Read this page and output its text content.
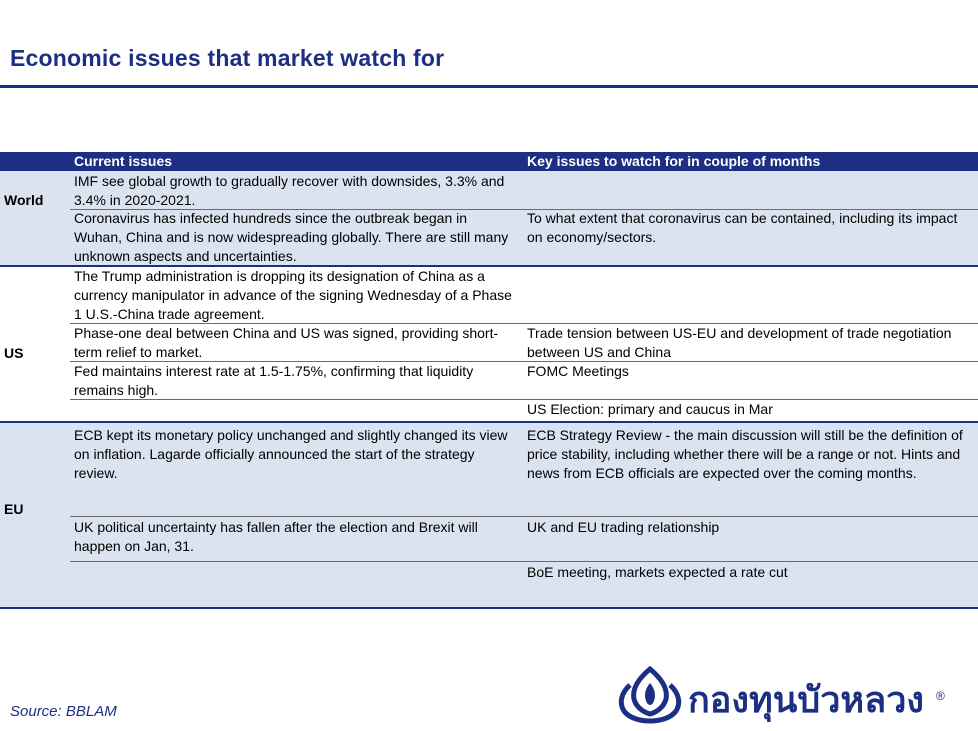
Economic issues that market watch for
Current issues	Key issues to watch for in couple of months
World
US
EU
IMF see global growth to gradually recover with downsides, 3.3% and 3.4% in 2020-2021.
Coronavirus has infected hundreds since the outbreak began in Wuhan, China and is now widespreading globally. There are still many unknown aspects and uncertainties.
To what extent that coronavirus can be contained, including its impact on economy/sectors.
The Trump administration is dropping its designation of China as a currency manipulator in advance of the signing Wednesday of a Phase 1 U.S.-China trade agreement.
Phase-one deal between China and US was signed, providing short-term relief to market.
Trade tension between US-EU and development of trade negotiation between US and China
Fed maintains interest rate at 1.5-1.75%, confirming that liquidity remains high.
FOMC Meetings
US Election: primary and caucus in Mar
ECB kept its monetary policy unchanged and slightly changed its view on inflation. Lagarde officially announced the start of the strategy review.
ECB Strategy Review - the main discussion will still be the definition of price stability, including whether there will be a range or not. Hints and news from ECB officials are expected over the coming months.
UK political uncertainty has fallen after the election and Brexit will happen on Jan, 31.
UK and EU trading relationship
BoE meeting, markets expected a rate cut
Source: BBLAM	กองทุนบัวหลวง ®
